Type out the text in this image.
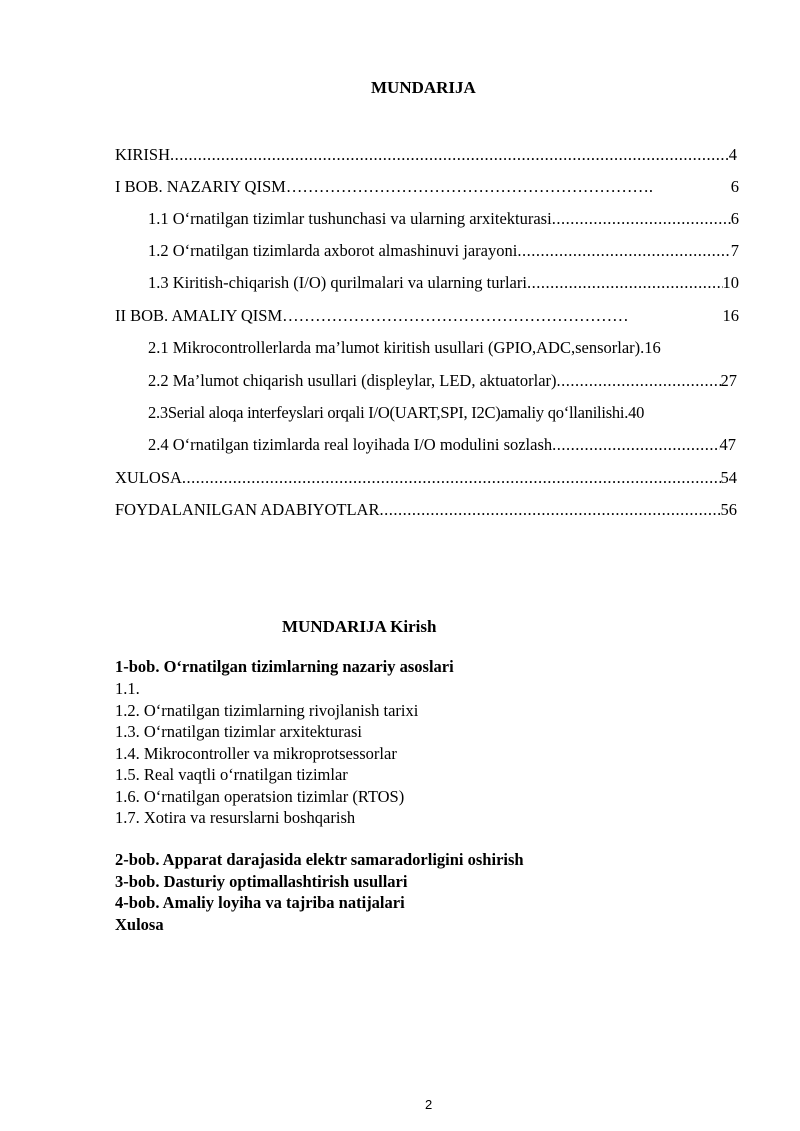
MUNDARIJA
KIRISH .....	4
I BOB. NAZARIY QISM ………………………………………………………….	6
1.1 O‘rnatilgan tizimlar tushunchasi va ularning arxitekturasi .....	6
1.2 O‘rnatilgan tizimlarda axborot almashinuvi jarayoni .....	7
1.3 Kiritish-chiqarish (I/O) qurilmalari va ularning turlari .....	10
II BOB. AMALIY QISM ………………………………………………………	16
2.1 Mikrocontrollerlarda ma’lumot kiritish usullari (GPIO,ADC,sensorlar) .16
2.2 Ma’lumot chiqarish usullari (displeylar, LED, aktuatorlar) .....	27
2.3Serial aloqa interfeyslari orqali I/O(UART,SPI, I2C)amaliy qo‘llanilishi. 40
2.4 O‘rnatilgan tizimlarda real loyihada I/O modulini sozlash .....	47
XULOSA .....	54
FOYDALANILGAN ADABIYOTLAR .....	56
MUNDARIJA Kirish
1-bob. O‘rnatilgan tizimlarning nazariy asoslari
1.1.
1.2. O‘rnatilgan tizimlarning rivojlanish tarixi
1.3. O‘rnatilgan tizimlar arxitekturasi
1.4. Mikrocontroller va mikroprotsessorlar
1.5. Real vaqtli o‘rnatilgan tizimlar
1.6. O‘rnatilgan operatsion tizimlar (RTOS)
1.7. Xotira va resurslarni boshqarish
2-bob. Apparat darajasida elektr samaradorligini oshirish
3-bob. Dasturiy optimallashtirish usullari
4-bob. Amaliy loyiha va tajriba natijalari
Xulosa
2
